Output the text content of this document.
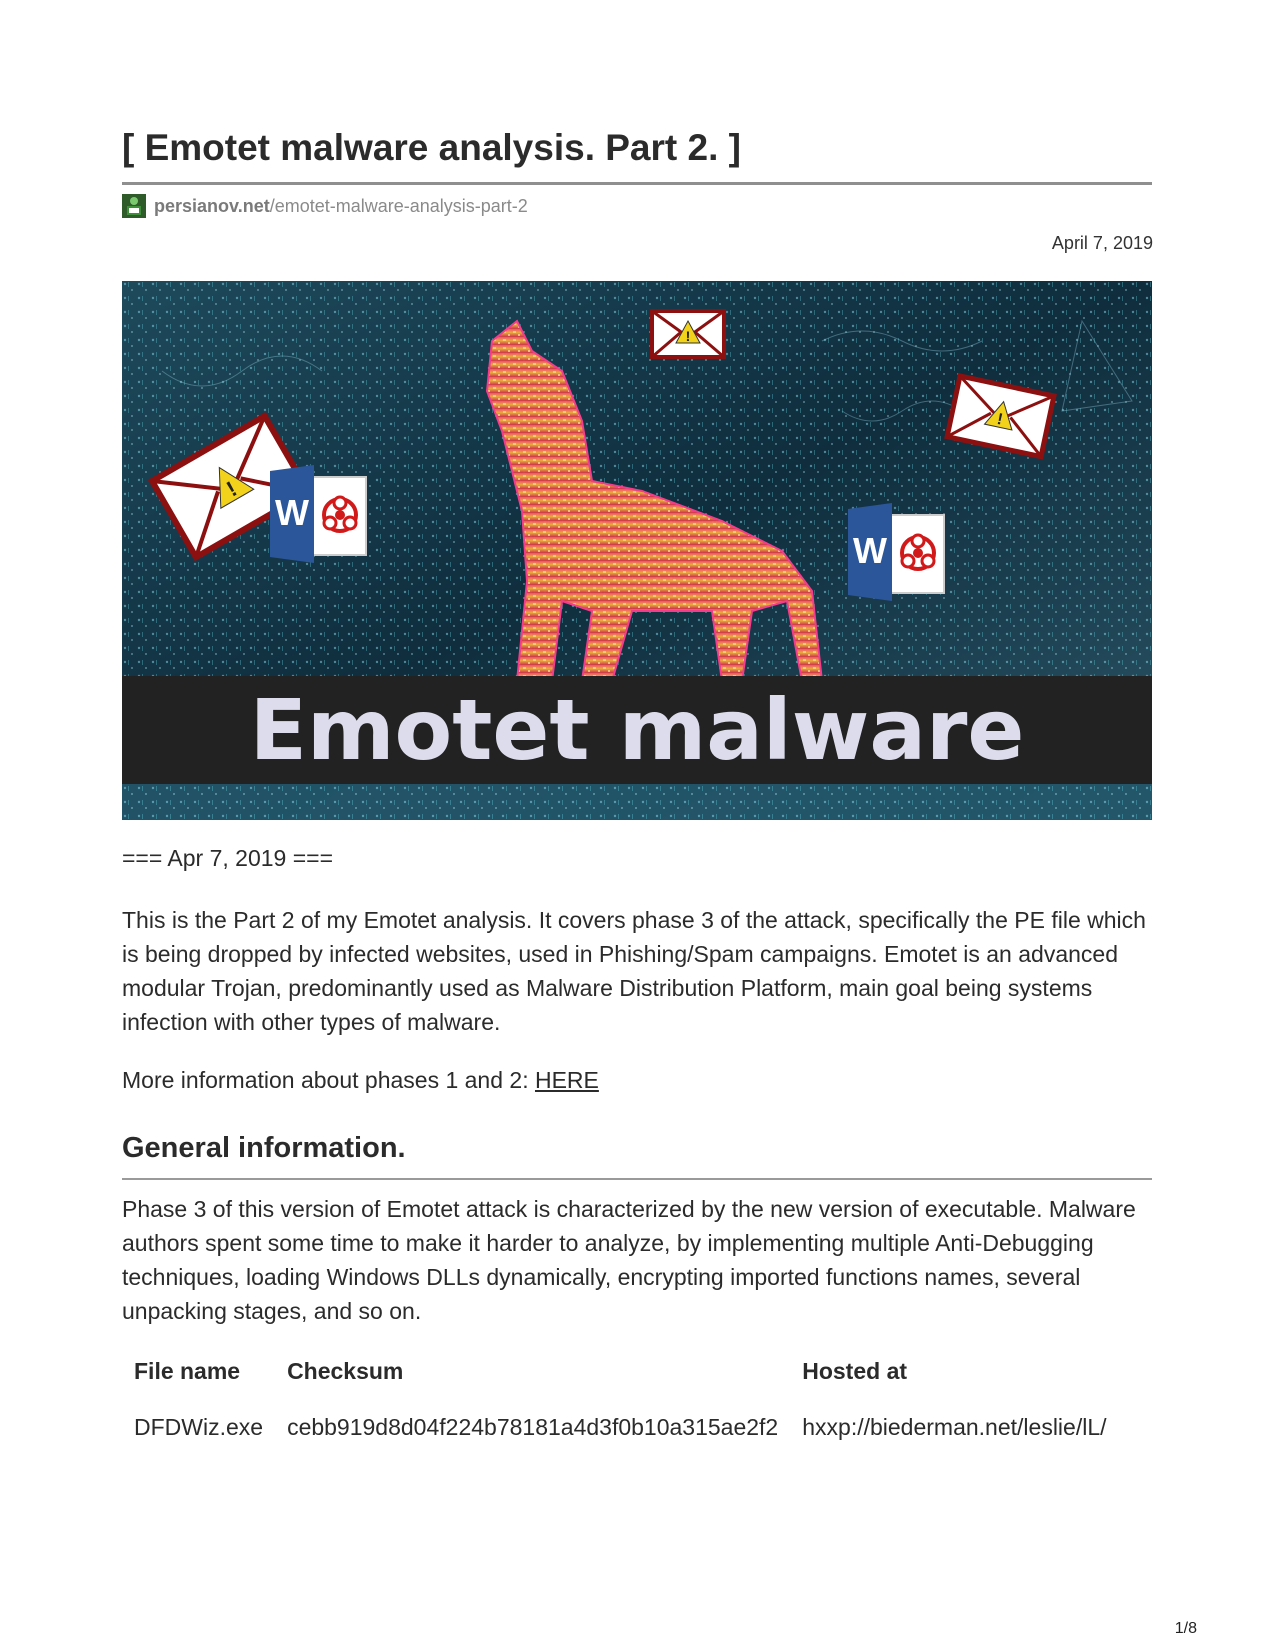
[ Emotet malware analysis. Part 2. ]
persianov.net /emotet-malware-analysis-part-2
April 7, 2019
!
!
!
W
W
Emotet malware
=== Apr 7, 2019 ===

This is the Part 2 of my Emotet analysis. It covers phase 3 of the attack, specifically the PE file which is being dropped by infected websites, used in Phishing/Spam campaigns. Emotet is an advanced modular Trojan, predominantly used as Malware Distribution Platform, main goal being systems infection with other types of malware.

More information about phases 1 and 2: HERE

General information.

Phase 3 of this version of Emotet attack is characterized by the new version of executable. Malware authors spent some time to make it harder to analyze, by implementing multiple Anti-Debugging techniques, loading Windows DLLs dynamically, encrypting imported functions names, several unpacking stages, and so on.

File name	Checksum	Hosted at
DFDWiz.exe	cebb919d8d04f224b78181a4d3f0b10a315ae2f2	hxxp://biederman.net/leslie/lL/
1/8
